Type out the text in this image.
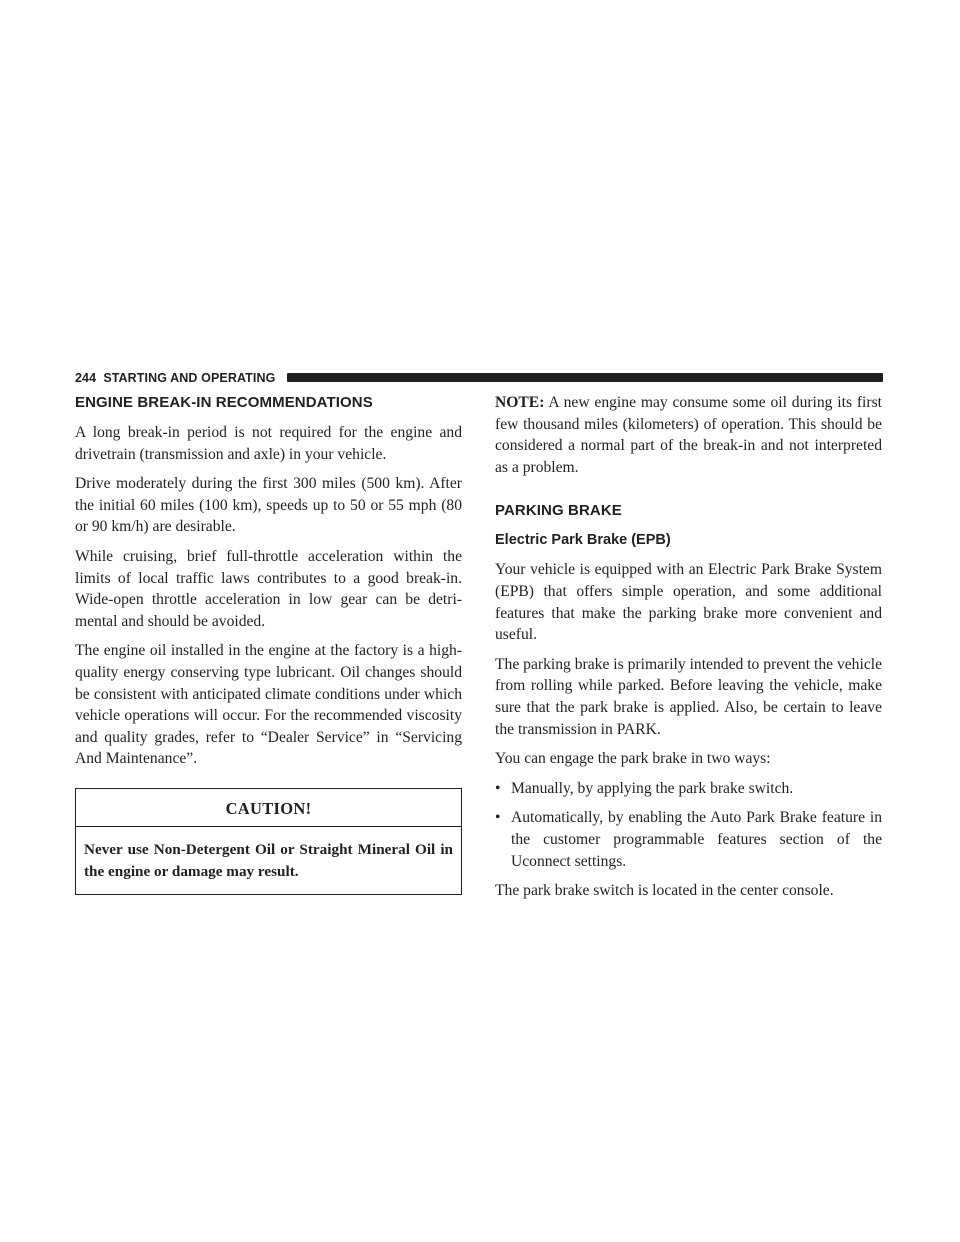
244 STARTING AND OPERATING
ENGINE BREAK-IN RECOMMENDATIONS

A long break-in period is not required for the engine and drivetrain (transmission and axle) in your vehicle.

Drive moderately during the first 300 miles (500 km). After the initial 60 miles (100 km), speeds up to 50 or 55 mph (80 or 90 km/h) are desirable.

While cruising, brief full-throttle acceleration within the limits of local traffic laws contributes to a good break-in. Wide-open throttle acceleration in low gear can be detrimental and should be avoided.

The engine oil installed in the engine at the factory is a high-quality energy conserving type lubricant. Oil changes should be consistent with anticipated climate conditions under which vehicle operations will occur. For the recommended viscosity and quality grades, refer to “Dealer Service” in “Servicing And Maintenance”.

CAUTION!
Never use Non-Detergent Oil or Straight Mineral Oil in the engine or damage may result.

NOTE: A new engine may consume some oil during its first few thousand miles (kilometers) of operation. This should be considered a normal part of the break-in and not interpreted as a problem.

PARKING BRAKE
Electric Park Brake (EPB)

Your vehicle is equipped with an Electric Park Brake System (EPB) that offers simple operation, and some additional features that make the parking brake more convenient and useful.

The parking brake is primarily intended to prevent the vehicle from rolling while parked. Before leaving the vehicle, make sure that the park brake is applied. Also, be certain to leave the transmission in PARK.

You can engage the park brake in two ways:

• Manually, by applying the park brake switch.
• Automatically, by enabling the Auto Park Brake feature in the customer programmable features section of the Uconnect settings.

The park brake switch is located in the center console.
